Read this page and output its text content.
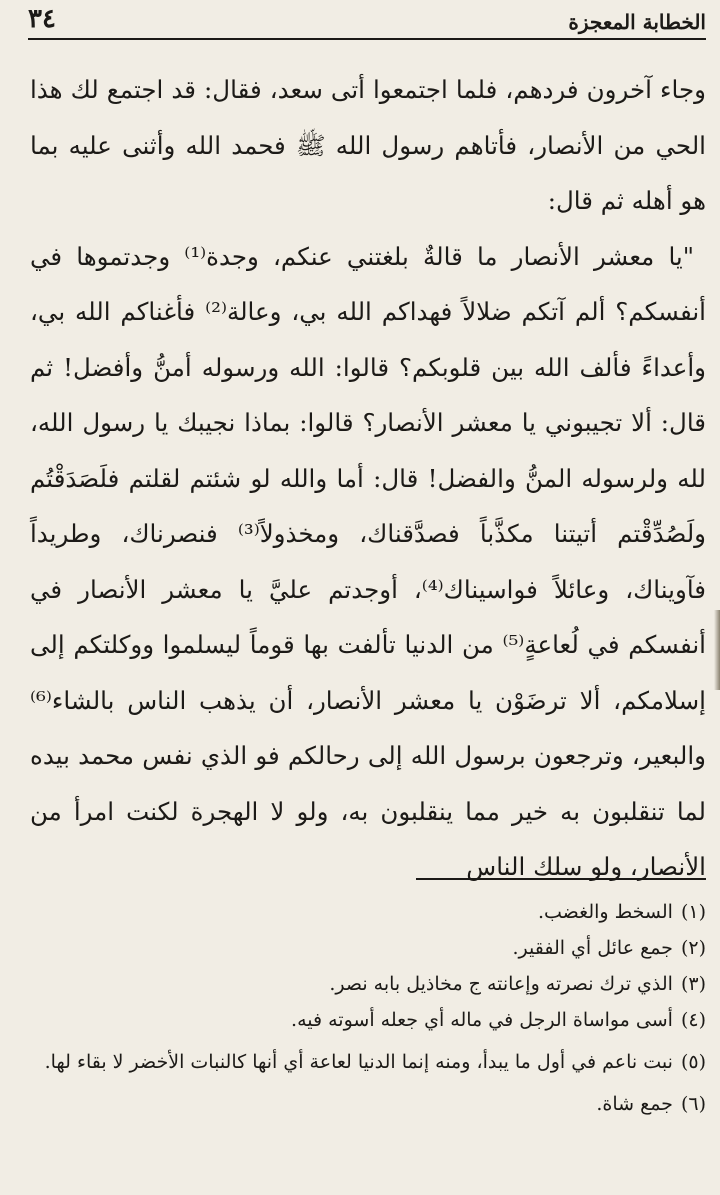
الخطابة المعجزة
٣٤

وجاء آخرون فردهم، فلما اجتمعوا أتى سعد، فقال: قد اجتمع لك هذا الحي من الأنصار، فأتاهم رسول الله ﷺ فحمد الله وأثنى عليه بما هو أهله ثم قال:

"يا معشر الأنصار ما قالةٌ بلغتني عنكم، وجدة⁽¹⁾ وجدتموها في أنفسكم؟ ألم آتكم ضلالاً فهداكم الله بي، وعالة⁽²⁾ فأغناكم الله بي، وأعداءً فألف الله بين قلوبكم؟ قالوا: الله ورسوله أمنُّ وأفضل! ثم قال: ألا تجيبوني يا معشر الأنصار؟ قالوا: بماذا نجيبك يا رسول الله، لله ولرسوله المنُّ والفضل! قال: أما والله لو شئتم لقلتم فلَصَدَقْتُم ولَصُدِّقْتم أتيتنا مكذَّباً فصدَّقناك، ومخذولاً⁽³⁾ فنصرناك، وطريداً فآويناك، وعائلاً فواسيناك⁽⁴⁾، أوجدتم عليَّ يا معشر الأنصار في أنفسكم في لُعاعةٍ⁽⁵⁾ من الدنيا تألفت بها قوماً ليسلموا ووكلتكم إلى إسلامكم، ألا ترضَوْن يا معشر الأنصار، أن يذهب الناس بالشاء⁽⁶⁾ والبعير، وترجعون برسول الله إلى رحالكم فو الذي نفس محمد بيده لما تنقلبون به خير مما ينقلبون به، ولو لا الهجرة لكنت امرأ من الأنصار، ولو سلك الناس

(١)
السخط والغضب.
(٢)
جمع عائل أي الفقير.
(٣)
الذي ترك نصرته وإعانته ج مخاذيل بابه نصر.
(٤)
أسى مواساة الرجل في ماله أي جعله أسوته فيه.
(٥)
نبت ناعم في أول ما يبدأ، ومنه إنما الدنيا لعاعة أي أنها كالنبات الأخضر لا بقاء لها.
(٦)
جمع شاة.
